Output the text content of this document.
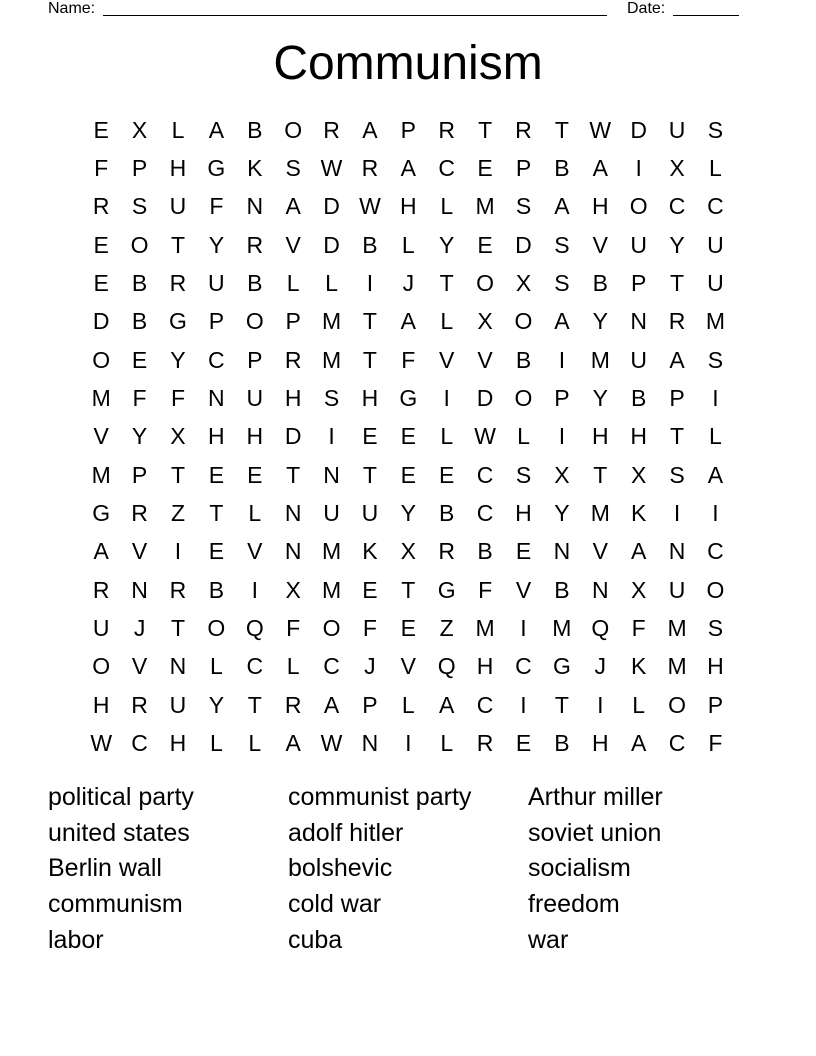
Name:	Date:
Communism
E	X	L	A	B O R A	P R	T	R	T W D U S
F	P H G K	S W R A C E	P	B	A	I	X	L
R S U	F	N A D W H	L M S	A H O C C
E O T	Y R V D B	L	Y	E D S	V U Y U
E	B R U B	L	L	I	J	T O X	S	B	P	T	U
D B G P O P M T	A	L	X O A	Y N R M
O E	Y C P R M T	F	V	V	B	I	M U A	S
M F	F	N U H S H G	I	D O P	Y	B	P	I
V	Y	X H H D	I	E	E	L W L	I	H H	T	L
M P	T	E	E	T	N	T	E	E C S	X	T	X	S	A
G R	Z	T	L	N U U Y	B C H Y M K	I	I
A	V	I	E	V N M K	X R B	E N V	A N C
R N R B	I	X M E	T G F	V	B N X U O
U	J	T O Q F O F	E	Z M	I	M Q F M S
O V N	L	C	L	C	J	V Q H C G	J	K M H
H R U Y	T	R A	P	L	A C	I	T	I	L	O P
W C H	L	L	A W N	I	L	R E	B H A C	F
political party	communist party	Arthur miller
united states	adolf hitler	soviet union
Berlin wall	bolshevic	socialism
communism	cold war	freedom
labor	cuba	war
